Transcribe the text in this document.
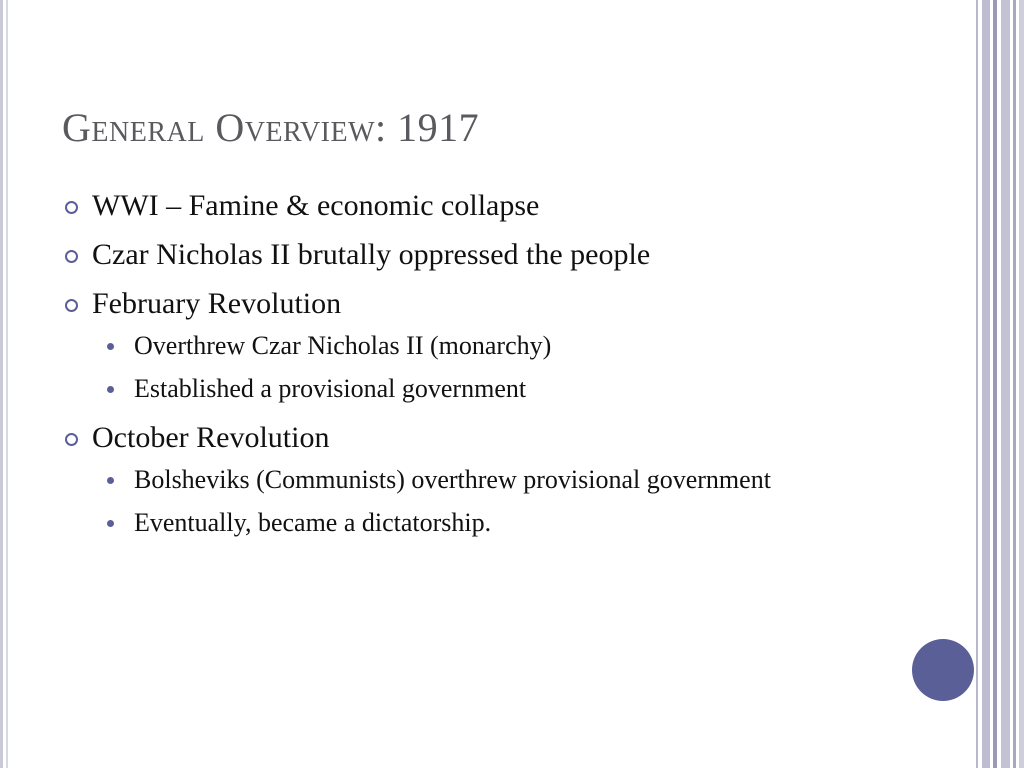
General Overview: 1917
WWI – Famine & economic collapse
Czar Nicholas II brutally oppressed the people
February Revolution
Overthrew Czar Nicholas II (monarchy)
Established a provisional government
October Revolution
Bolsheviks (Communists) overthrew provisional government
Eventually, became a dictatorship.
